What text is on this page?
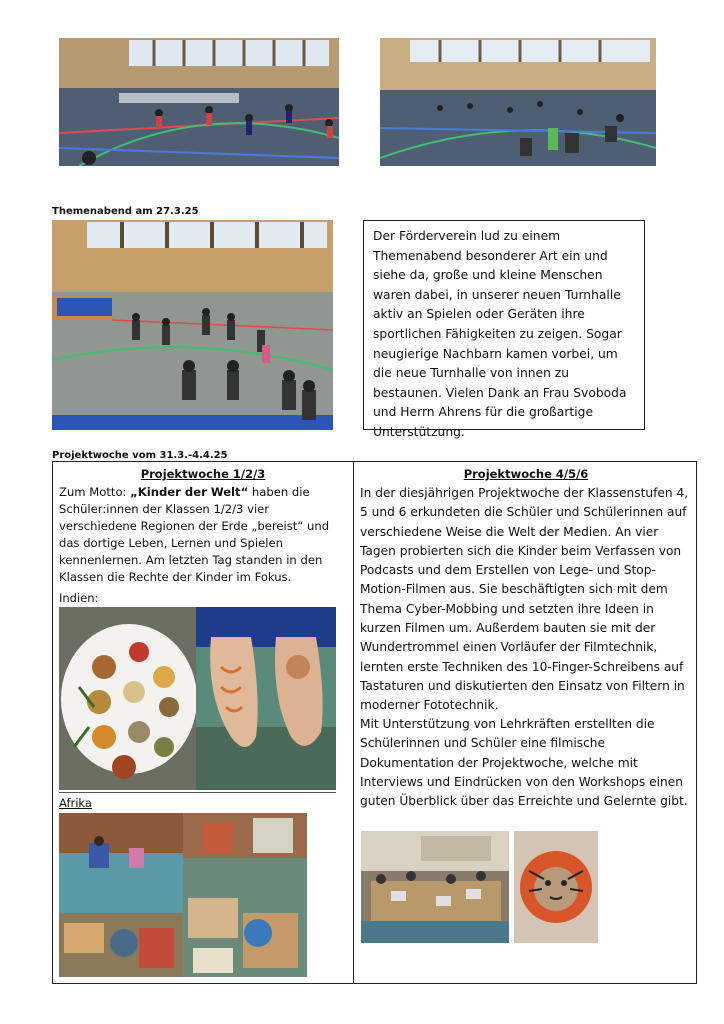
Themenabend am 27.3.25
Der Förderverein lud zu einem Themenabend besonderer Art ein und siehe da, große und kleine Menschen waren dabei, in unserer neuen Turnhalle aktiv an Spielen oder Geräten ihre sportlichen Fähigkeiten zu zeigen. Sogar neugierige Nachbarn kamen vorbei, um die neue Turnhalle von innen zu bestaunen. Vielen Dank an Frau Svoboda und Herrn Ahrens für die großartige Unterstützung.
Projektwoche vom 31.3.-4.4.25
Projektwoche 1/2/3
Zum Motto: „Kinder der Welt“ haben die Schüler:innen der Klassen 1/2/3 vier verschiedene Regionen der Erde „bereist“ und das dortige Leben, Lernen und Spielen kennenlernen. Am letzten Tag standen in den Klassen die Rechte der Kinder im Fokus.
Indien:
Afrika
Projektwoche 4/5/6
In der diesjährigen Projektwoche der Klassenstufen 4, 5 und 6 erkundeten die Schüler und Schülerinnen auf verschiedene Weise die Welt der Medien. An vier Tagen probierten sich die Kinder beim Verfassen von Podcasts und dem Erstellen von Lege- und Stop-Motion-Filmen aus. Sie beschäftigten sich mit dem Thema Cyber-Mobbing und setzten ihre Ideen in kurzen Filmen um. Außerdem bauten sie mit der Wundertrommel einen Vorläufer der Filmtechnik, lernten erste Techniken des 10-Finger-Schreibens auf Tastaturen und diskutierten den Einsatz von Filtern in moderner Fototechnik.
Mit Unterstützung von Lehrkräften erstellten die Schülerinnen und Schüler eine filmische Dokumentation der Projektwoche, welche mit Interviews und Eindrücken von den Workshops einen guten Überblick über das Erreichte und Gelernte gibt.
